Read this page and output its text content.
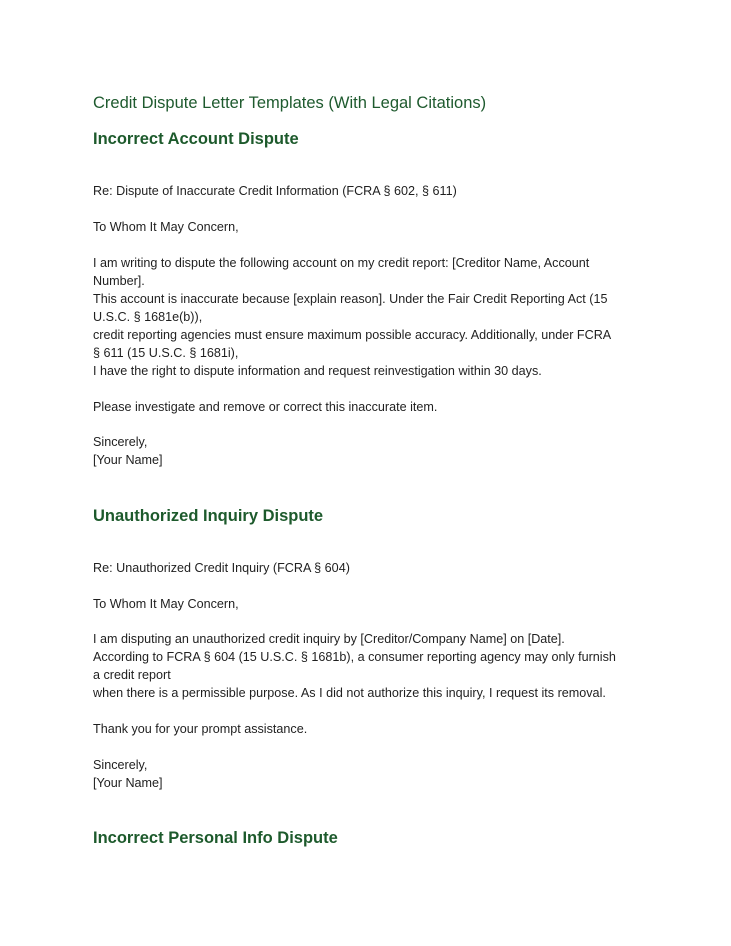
Credit Dispute Letter Templates (With Legal Citations)
Incorrect Account Dispute
Re: Dispute of Inaccurate Credit Information (FCRA § 602, § 611)
To Whom It May Concern,
I am writing to dispute the following account on my credit report: [Creditor Name, Account
Number].
This account is inaccurate because [explain reason]. Under the Fair Credit Reporting Act (15
U.S.C. § 1681e(b)),
credit reporting agencies must ensure maximum possible accuracy. Additionally, under FCRA
§ 611 (15 U.S.C. § 1681i),
I have the right to dispute information and request reinvestigation within 30 days.
Please investigate and remove or correct this inaccurate item.
Sincerely,
[Your Name]
Unauthorized Inquiry Dispute
Re: Unauthorized Credit Inquiry (FCRA § 604)
To Whom It May Concern,
I am disputing an unauthorized credit inquiry by [Creditor/Company Name] on [Date].
According to FCRA § 604 (15 U.S.C. § 1681b), a consumer reporting agency may only furnish
a credit report
when there is a permissible purpose. As I did not authorize this inquiry, I request its removal.
Thank you for your prompt assistance.
Sincerely,
[Your Name]
Incorrect Personal Info Dispute
